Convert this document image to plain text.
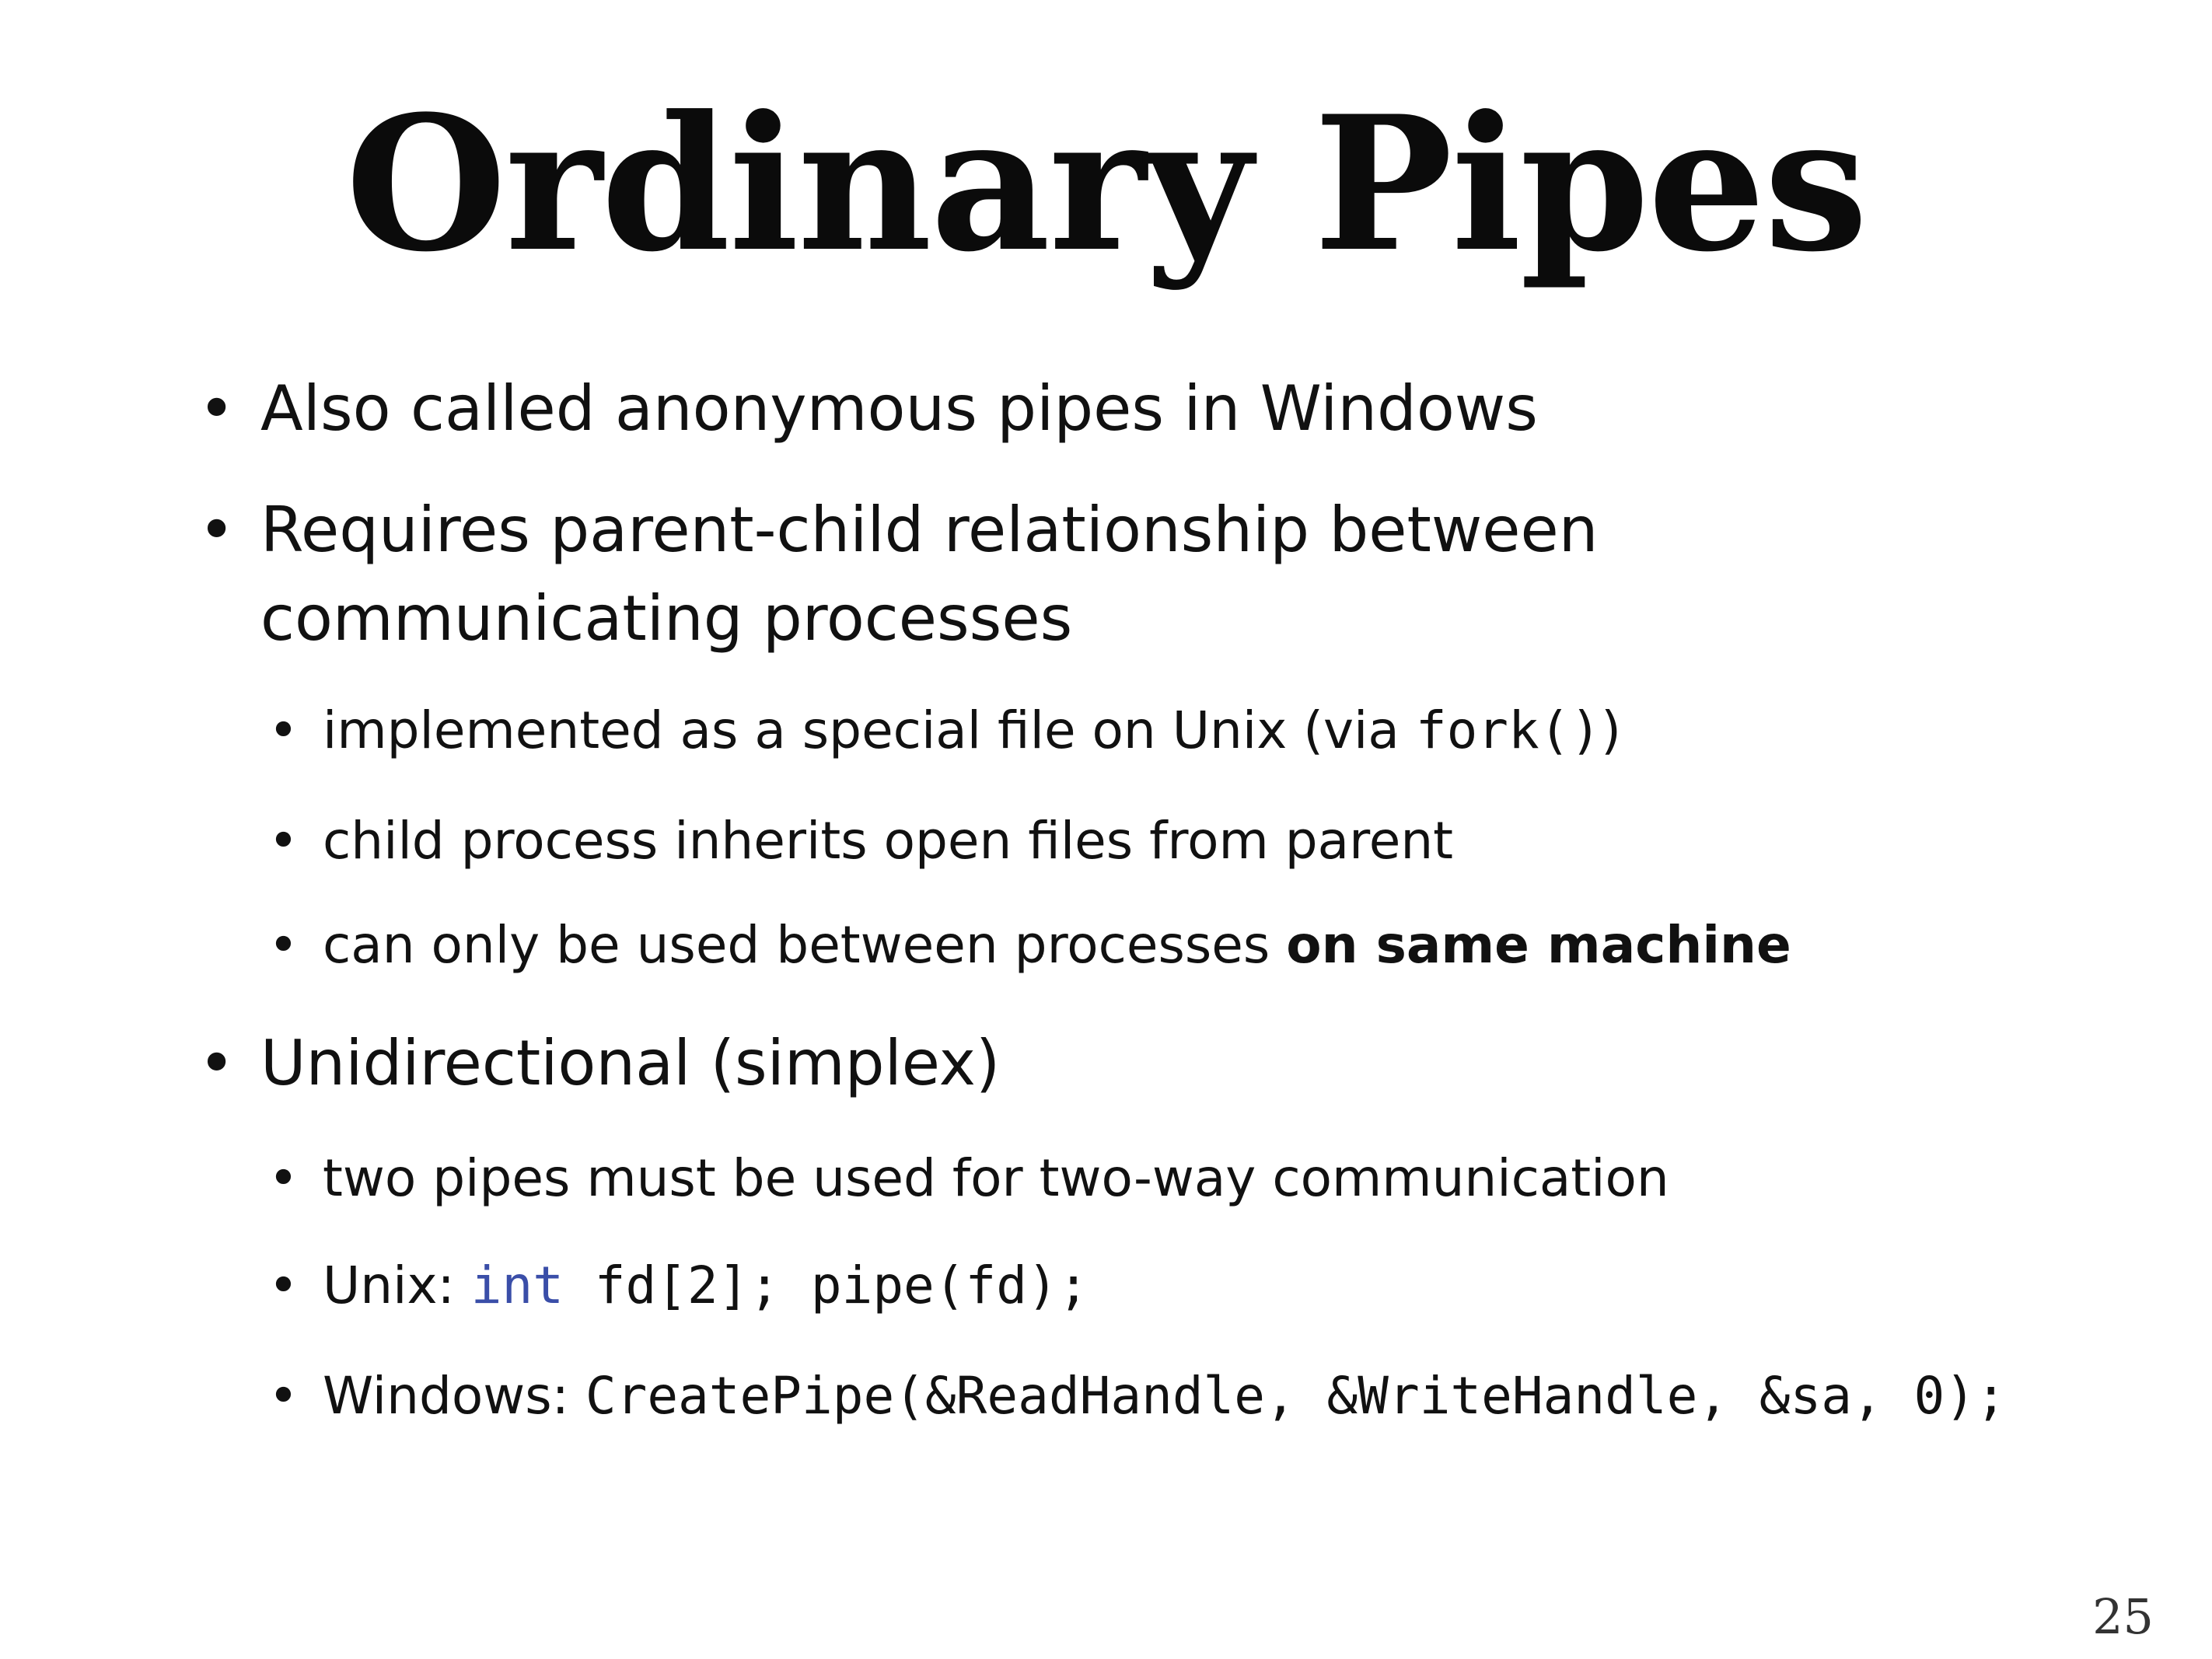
Ordinary Pipes
• Also called anonymous pipes in Windows
• Requires parent-child relationship between
communicating processes
• implemented as a special file on Unix (via fork())
• child process inherits open files from parent
• can only be used between processes on same machine
• Unidirectional (simplex)
• two pipes must be used for two-way communication
• Unix: int fd[2]; pipe(fd);
• Windows: CreatePipe(&ReadHandle, &WriteHandle, &sa, 0);
25
